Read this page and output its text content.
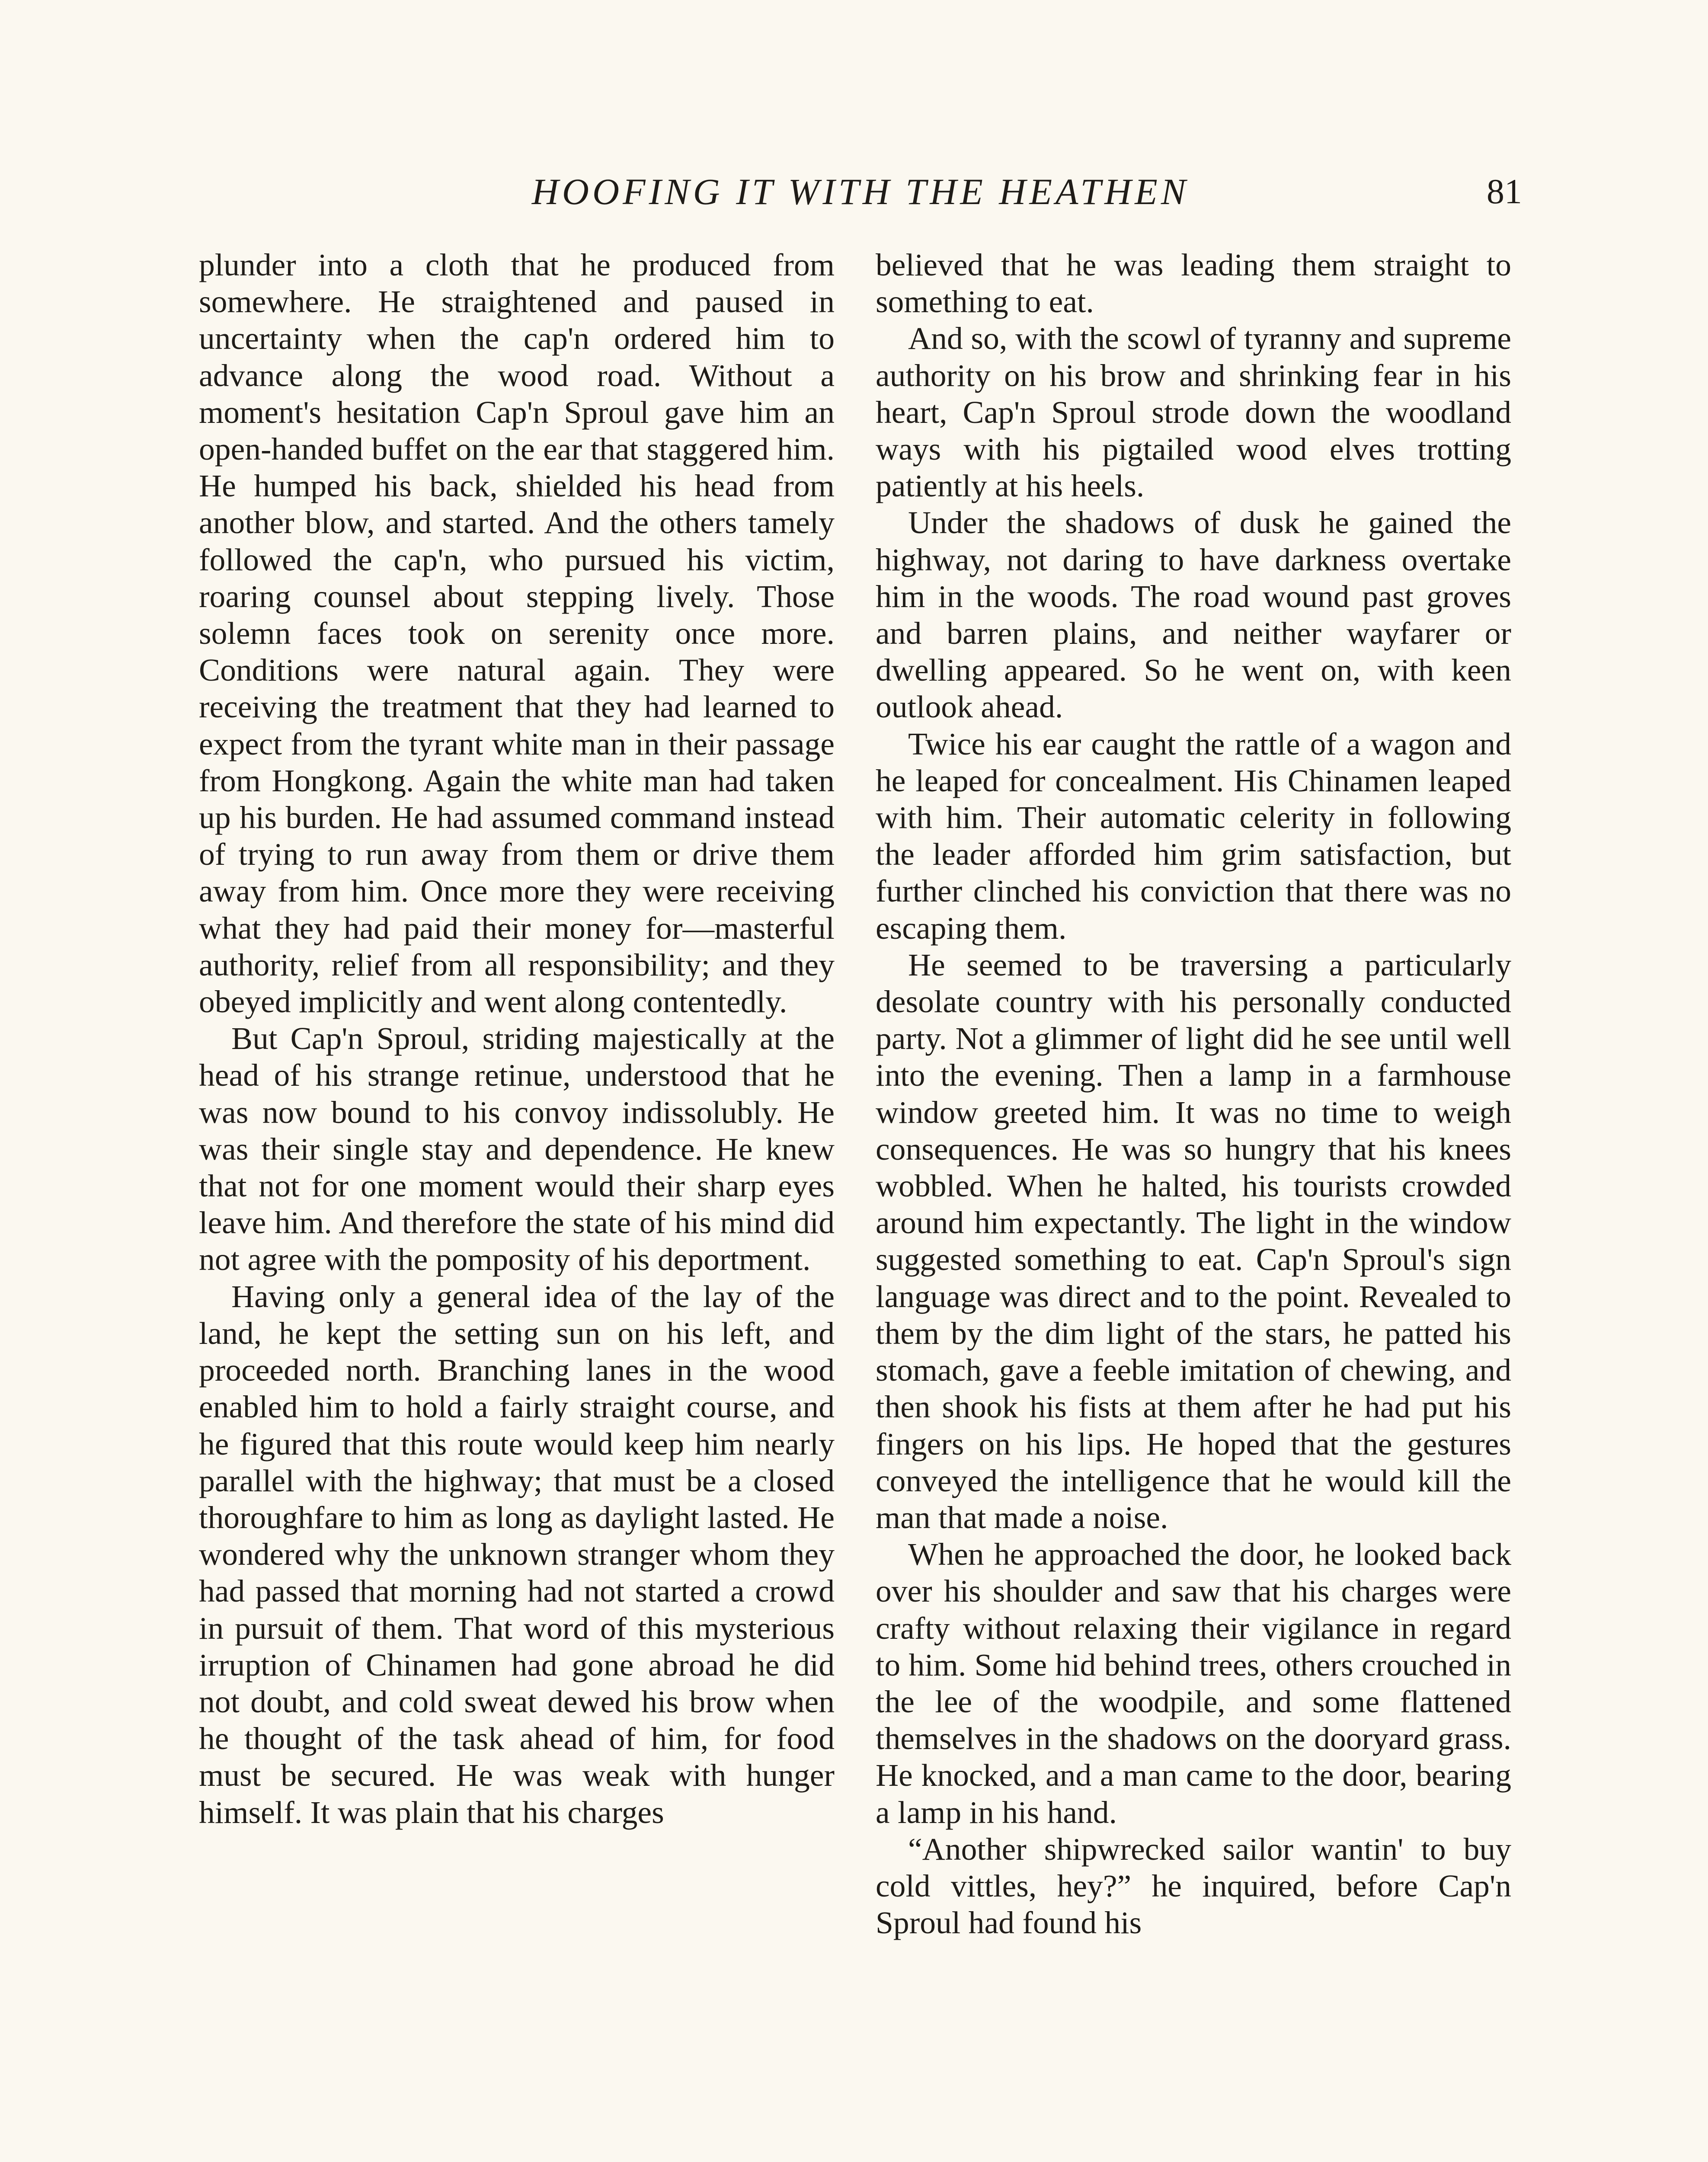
HOOFING IT WITH THE HEATHEN	81

plunder into a cloth that he produced from somewhere. He straightened and paused in uncertainty when the cap'n ordered him to advance along the wood road. Without a moment's hesitation Cap'n Sproul gave him an open-handed buffet on the ear that staggered him. He humped his back, shielded his head from another blow, and started. And the others tamely followed the cap'n, who pursued his victim, roaring counsel about stepping lively. Those solemn faces took on serenity once more. Conditions were natural again. They were receiving the treatment that they had learned to expect from the tyrant white man in their passage from Hongkong. Again the white man had taken up his burden. He had assumed command instead of trying to run away from them or drive them away from him. Once more they were receiving what they had paid their money for—masterful authority, relief from all responsibility; and they obeyed implicitly and went along contentedly.

But Cap'n Sproul, striding majestically at the head of his strange retinue, understood that he was now bound to his convoy indissolubly. He was their single stay and dependence. He knew that not for one moment would their sharp eyes leave him. And therefore the state of his mind did not agree with the pomposity of his deportment.

Having only a general idea of the lay of the land, he kept the setting sun on his left, and proceeded north. Branching lanes in the wood enabled him to hold a fairly straight course, and he figured that this route would keep him nearly parallel with the highway; that must be a closed thoroughfare to him as long as daylight lasted. He wondered why the unknown stranger whom they had passed that morning had not started a crowd in pursuit of them. That word of this mysterious irruption of Chinamen had gone abroad he did not doubt, and cold sweat dewed his brow when he thought of the task ahead of him, for food must be secured. He was weak with hunger himself. It was plain that his charges

believed that he was leading them straight to something to eat.

And so, with the scowl of tyranny and supreme authority on his brow and shrinking fear in his heart, Cap'n Sproul strode down the woodland ways with his pigtailed wood elves trotting patiently at his heels.

Under the shadows of dusk he gained the highway, not daring to have darkness overtake him in the woods. The road wound past groves and barren plains, and neither wayfarer or dwelling appeared. So he went on, with keen outlook ahead.

Twice his ear caught the rattle of a wagon and he leaped for concealment. His Chinamen leaped with him. Their automatic celerity in following the leader afforded him grim satisfaction, but further clinched his conviction that there was no escaping them.

He seemed to be traversing a particularly desolate country with his personally conducted party. Not a glimmer of light did he see until well into the evening. Then a lamp in a farmhouse window greeted him. It was no time to weigh consequences. He was so hungry that his knees wobbled. When he halted, his tourists crowded around him expectantly. The light in the window suggested something to eat. Cap'n Sproul's sign language was direct and to the point. Revealed to them by the dim light of the stars, he patted his stomach, gave a feeble imitation of chewing, and then shook his fists at them after he had put his fingers on his lips. He hoped that the gestures conveyed the intelligence that he would kill the man that made a noise.

When he approached the door, he looked back over his shoulder and saw that his charges were crafty without relaxing their vigilance in regard to him. Some hid behind trees, others crouched in the lee of the woodpile, and some flattened themselves in the shadows on the dooryard grass. He knocked, and a man came to the door, bearing a lamp in his hand.

“Another shipwrecked sailor wantin' to buy cold vittles, hey?” he inquired, before Cap'n Sproul had found his
